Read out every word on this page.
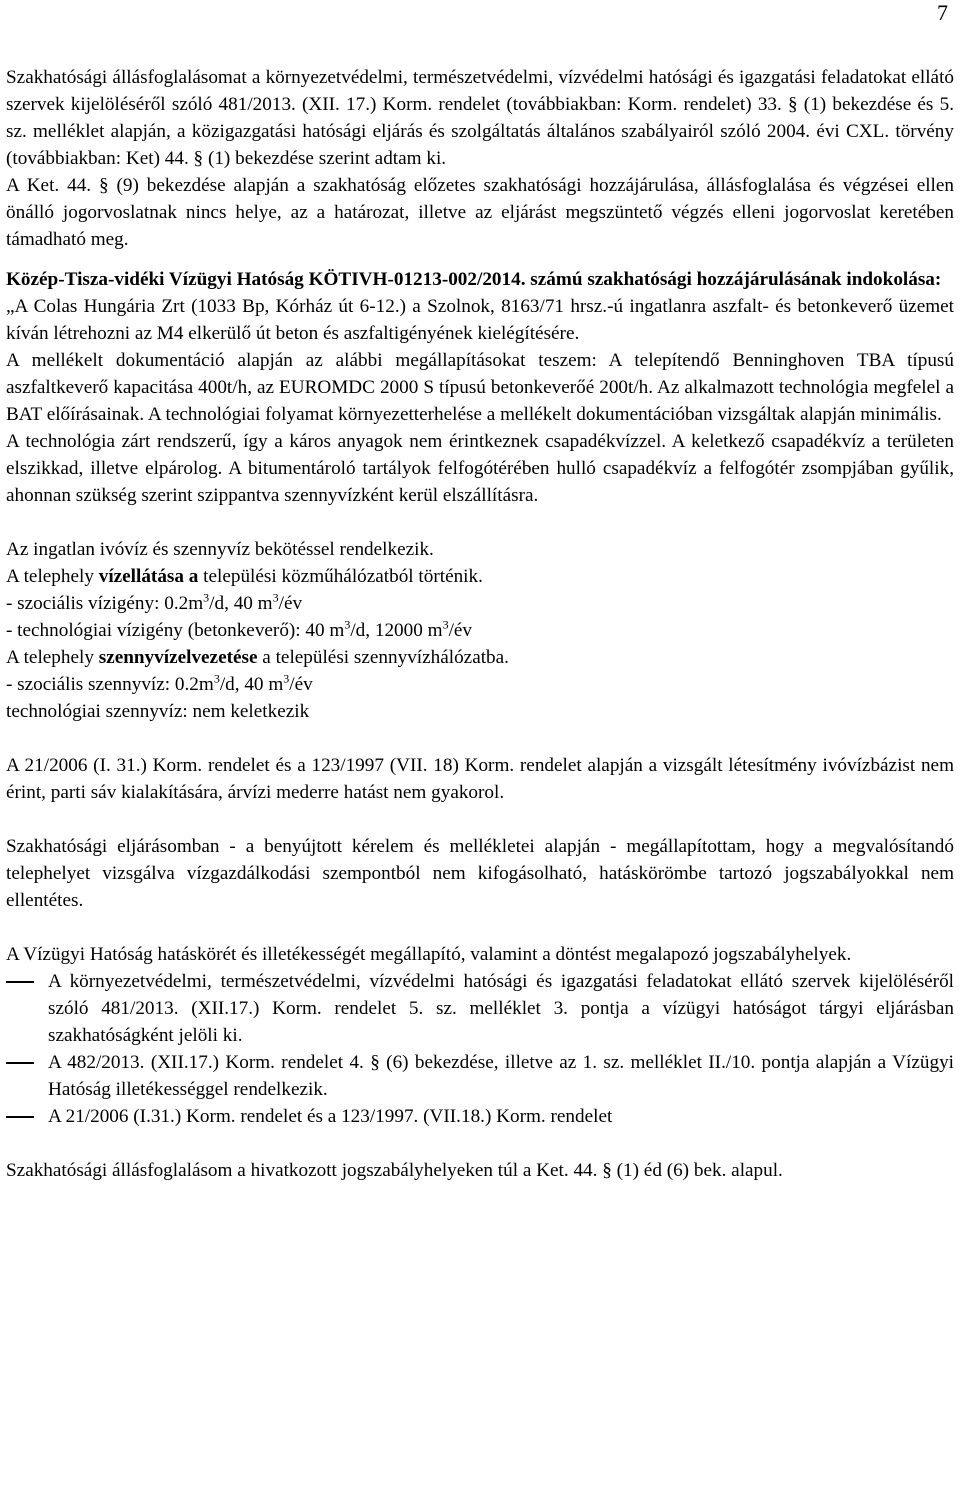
7

Szakhatósági állásfoglalásomat a környezetvédelmi, természetvédelmi, vízvédelmi hatósági és igazgatási feladatokat ellátó szervek kijelöléséről szóló 481/2013. (XII. 17.) Korm. rendelet (továbbiakban: Korm. rendelet) 33. § (1) bekezdése és 5. sz. melléklet alapján, a közigazgatási hatósági eljárás és szolgáltatás általános szabályairól szóló 2004. évi CXL. törvény (továbbiakban: Ket) 44. § (1) bekezdése szerint adtam ki.

A Ket. 44. § (9) bekezdése alapján a szakhatóság előzetes szakhatósági hozzájárulása, állásfoglalása és végzései ellen önálló jogorvoslatnak nincs helye, az a határozat, illetve az eljárást megszüntető végzés elleni jogorvoslat keretében támadható meg.

Közép-Tisza-vidéki Vízügyi Hatóság KÖTIVH-01213-002/2014. számú szakhatósági hozzájárulásának indokolása:

„A Colas Hungária Zrt (1033 Bp, Kórház út 6-12.) a Szolnok, 8163/71 hrsz.-ú ingatlanra aszfalt- és betonkeverő üzemet kíván létrehozni az M4 elkerülő út beton és aszfaltigényének kielégítésére.

A mellékelt dokumentáció alapján az alábbi megállapításokat teszem: A telepítendő Benninghoven TBA típusú aszfaltkeverő kapacitása 400t/h, az EUROMDC 2000 S típusú betonkeverőé 200t/h. Az alkalmazott technológia megfelel a BAT előírásainak. A technológiai folyamat környezetterhelése a mellékelt dokumentációban vizsgáltak alapján minimális.

A technológia zárt rendszerű, így a káros anyagok nem érintkeznek csapadékvízzel. A keletkező csapadékvíz a területen elszikkad, illetve elpárolog. A bitumentároló tartályok felfogótérében hulló csapadékvíz a felfogótér zsompjában gyűlik, ahonnan szükség szerint szippantva szennyvízként kerül elszállításra.

Az ingatlan ivóvíz és szennyvíz bekötéssel rendelkezik.

A telephely vízellátása a települési közműhálózatból történik.

- szociális vízigény: $0.2m^3/d$, 40 $m^3/év$

- technológiai vízigény (betonkeverő): 40 $m^3/d$, 12000 $m^3/év$

A telephely szennyvízelvezetése a települési szennyvízhálózatba.

- szociális szennyvíz: $0.2m^3/d$, 40 $m^3/év$

technológiai szennyvíz: nem keletkezik

A 21/2006 (I. 31.) Korm. rendelet és a 123/1997 (VII. 18) Korm. rendelet alapján a vizsgált létesítmény ivóvízbázist nem érint, parti sáv kialakítására, árvízi mederre hatást nem gyakorol.

Szakhatósági eljárásomban - a benyújtott kérelem és mellékletei alapján - megállapítottam, hogy a megvalósítandó telephelyet vizsgálva vízgazdálkodási szempontból nem kifogásolható, hatáskörömbe tartozó jogszabályokkal nem ellentétes.

A Vízügyi Hatóság hatáskörét és illetékességét megállapító, valamint a döntést megalapozó jogszabályhelyek.

A környezetvédelmi, természetvédelmi, vízvédelmi hatósági és igazgatási feladatokat ellátó szervek kijelöléséről szóló 481/2013. (XII.17.) Korm. rendelet 5. sz. melléklet 3. pontja a vízügyi hatóságot tárgyi eljárásban szakhatóságként jelöli ki.
A 482/2013. (XII.17.) Korm. rendelet 4. § (6) bekezdése, illetve az 1. sz. melléklet II./10. pontja alapján a Vízügyi Hatóság illetékességgel rendelkezik.
A 21/2006 (I.31.) Korm. rendelet és a 123/1997. (VII.18.) Korm. rendelet

Szakhatósági állásfoglalásom a hivatkozott jogszabályhelyeken túl a Ket. 44. § (1) éd (6) bek. alapul.
